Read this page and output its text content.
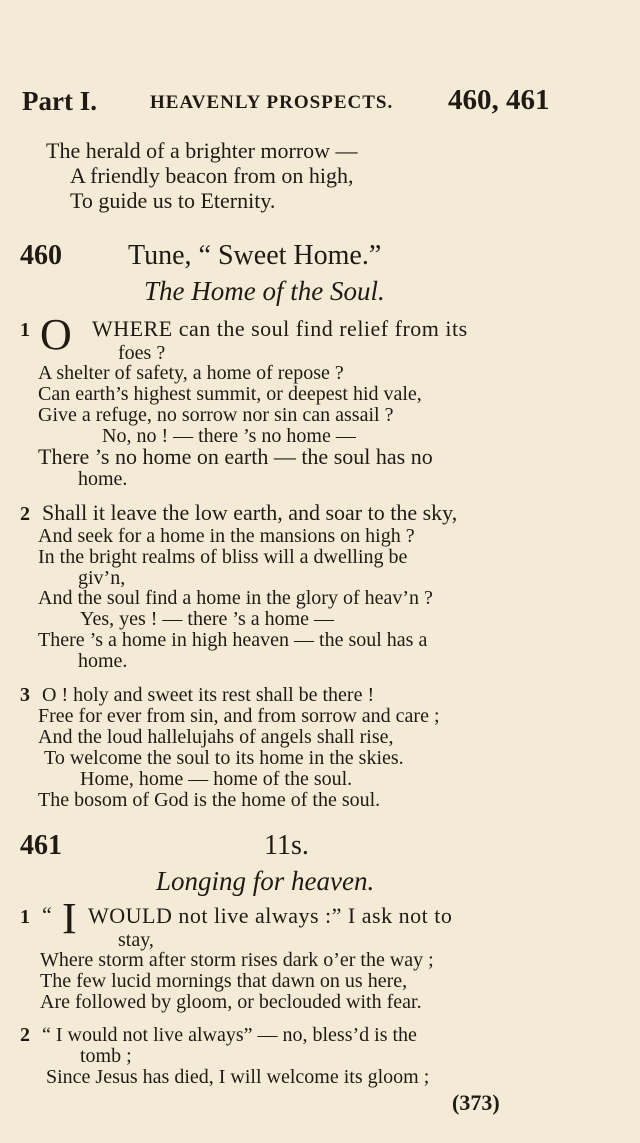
Part I.	HEAVENLY PROSPECTS. 460, 461
The herald of a brighter morrow —
A friendly beacon from on high,
To guide us to Eternity.
460 Tune, “ Sweet Home.”
The Home of the Soul.
1 O WHERE can the soul find relief from its
foes ?
A shelter of safety, a home of repose ?
Can earth’s highest summit, or deepest hid vale,
Give a refuge, no sorrow nor sin can assail ?
No, no ! — there ’s no home —
There ’s no home on earth — the soul has no
home.
2 Shall it leave the low earth, and soar to the sky,
And seek for a home in the mansions on high ?
In the bright realms of bliss will a dwelling be
giv’n,
And the soul find a home in the glory of heav’n ?
Yes, yes ! — there ’s a home —
There ’s a home in high heaven — the soul has a
home.
3 O ! holy and sweet its rest shall be there !
Free for ever from sin, and from sorrow and care ;
And the loud hallelujahs of angels shall rise,
To welcome the soul to its home in the skies.
Home, home — home of the soul.
The bosom of God is the home of the soul.
461	11s.
Longing for heaven.
1 “ I WOULD not live always :” I ask not to
stay,
Where storm after storm rises dark o’er the way ;
The few lucid mornings that dawn on us here,
Are followed by gloom, or beclouded with fear.
2 “ I would not live always” — no, bless’d is the
tomb ;
Since Jesus has died, I will welcome its gloom ;
(373)
